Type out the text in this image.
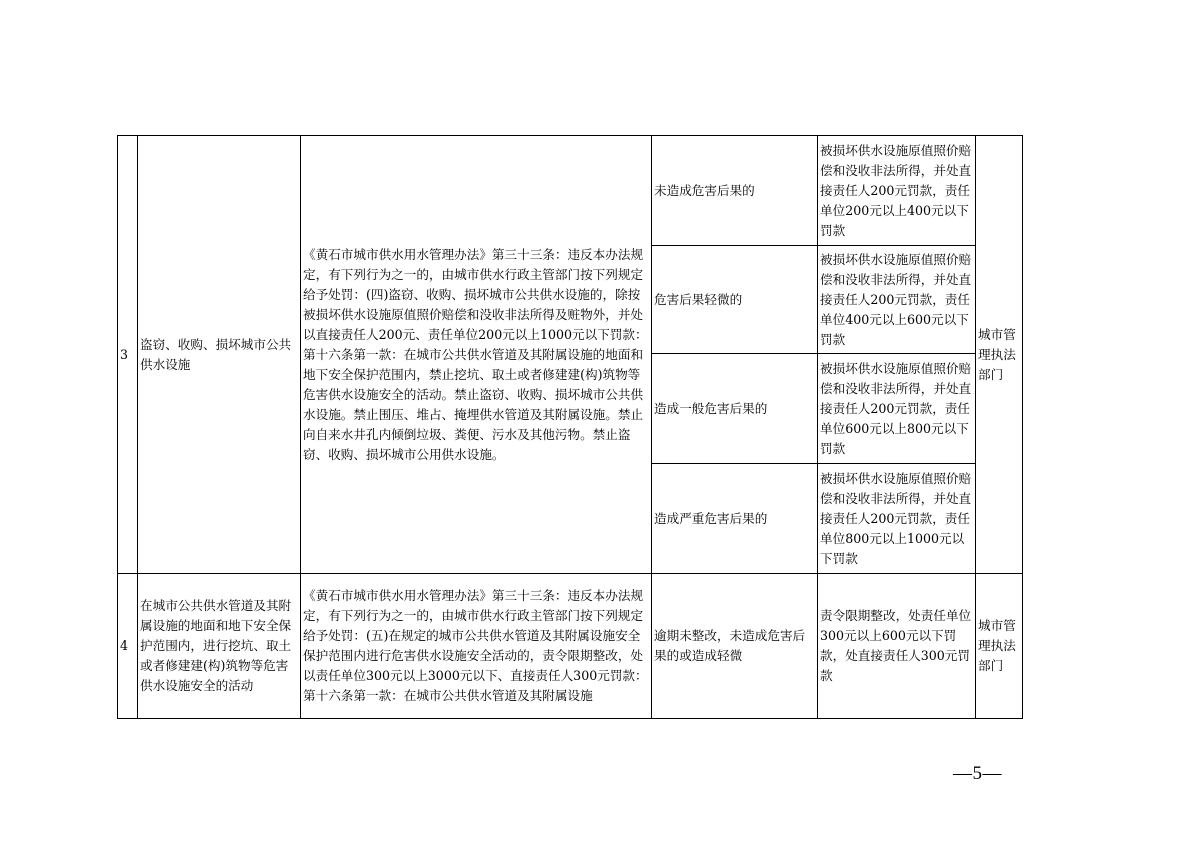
3	盗窃、收购、损坏城市公共供水设施	《黄石市城市供水用水管理办法》第三十三条：违反本办法规定，有下列行为之一的，由城市供水行政主管部门按下列规定给予处罚：(四)盗窃、收购、损坏城市公共供水设施的，除按被损坏供水设施原值照价赔偿和没收非法所得及赃物外，并处以直接责任人200元、责任单位200元以上1000元以下罚款：
第十六条第一款：在城市公共供水管道及其附属设施的地面和地下安全保护范围内，禁止挖坑、取土或者修建建(构)筑物等危害供水设施安全的活动。禁止盗窃、收购、损坏城市公共供水设施。禁止围压、堆占、掩埋供水管道及其附属设施。禁止向自来水井孔内倾倒垃圾、粪便、污水及其他污物。禁止盗窃、收购、损坏城市公用供水设施。	未造成危害后果的	被损坏供水设施原值照价赔偿和没收非法所得，并处直接责任人200元罚款，责任单位200元以上400元以下罚款	城市管理执法部门
			危害后果轻微的	被损坏供水设施原值照价赔偿和没收非法所得，并处直接责任人200元罚款，责任单位400元以上600元以下罚款	
			造成一般危害后果的	被损坏供水设施原值照价赔偿和没收非法所得，并处直接责任人200元罚款，责任单位600元以上800元以下罚款	
			造成严重危害后果的	被损坏供水设施原值照价赔偿和没收非法所得，并处直接责任人200元罚款，责任单位800元以上1000元以下罚款	
4	在城市公共供水管道及其附属设施的地面和地下安全保护范围内，进行挖坑、取土或者修建建(构)筑物等危害供水设施安全的活动	《黄石市城市供水用水管理办法》第三十三条：违反本办法规定，有下列行为之一的，由城市供水行政主管部门按下列规定给予处罚：(五)在规定的城市公共供水管道及其附属设施安全保护范围内进行危害供水设施安全活动的，责令限期整改，处以责任单位300元以上3000元以下、直接责任人300元罚款：
第十六条第一款：在城市公共供水管道及其附属设施	逾期未整改，未造成危害后果的或造成轻微	责令限期整改，处责任单位300元以上600元以下罚款，处直接责任人300元罚款	城市管理执法部门
—5—
